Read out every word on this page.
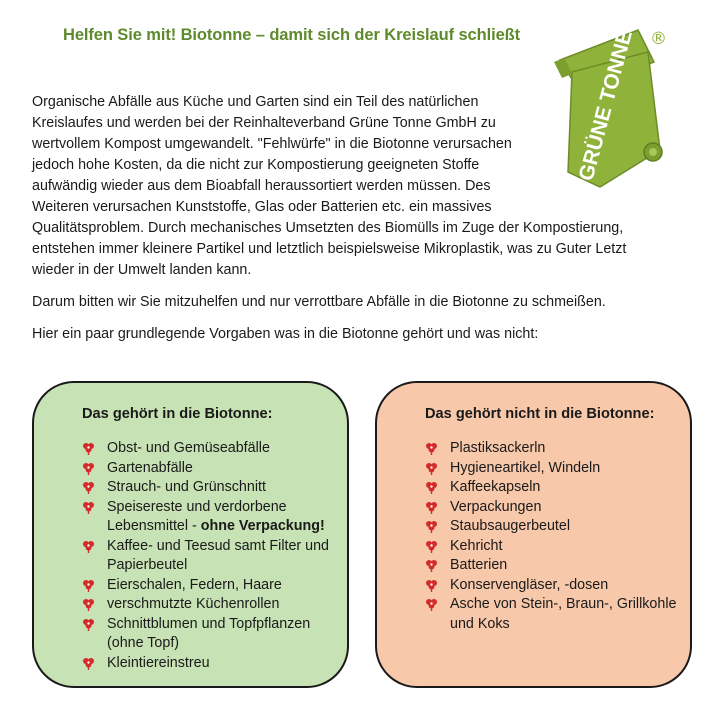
Helfen Sie mit! Biotonne – damit sich der Kreislauf schließt	GRÜNE TONNE ®

Organische Abfälle aus Küche und Garten sind ein Teil des natürlichen
Kreislaufes und werden bei der Reinhalteverband Grüne Tonne GmbH zu
wertvollem Kompost umgewandelt. "Fehlwürfe" in die Biotonne verursachen
jedoch hohe Kosten, da die nicht zur Kompostierung geeigneten Stoffe
aufwändig wieder aus dem Bioabfall heraussortiert werden müssen. Des
Weiteren verursachen Kunststoffe, Glas oder Batterien etc. ein massives
Qualitätsproblem. Durch mechanisches Umsetzten des Biomülls im Zuge der Kompostierung,
entstehen immer kleinere Partikel und letztlich beispielsweise Mikroplastik, was zu Guter Letzt
wieder in der Umwelt landen kann.

Darum bitten wir Sie mitzuhelfen und nur verrottbare Abfälle in die Biotonne zu schmeißen.

Hier ein paar grundlegende Vorgaben was in die Biotonne gehört und was nicht:

Das gehört in die Biotonne:
Obst- und Gemüseabfälle
Gartenabfälle
Strauch- und Grünschnitt
Speisereste und verdorbene Lebensmittel - ohne Verpackung!
Kaffee- und Teesud samt Filter und Papierbeutel
Eierschalen, Federn, Haare
verschmutzte Küchenrollen
Schnittblumen und Topfpflanzen (ohne Topf)
Kleintiereinstreu
Das gehört nicht in die Biotonne:
Plastiksackerln
Hygieneartikel, Windeln
Kaffeekapseln
Verpackungen
Staubsaugerbeutel
Kehricht
Batterien
Konservengläser, -dosen
Asche von Stein-, Braun-, Grillkohle und Koks
